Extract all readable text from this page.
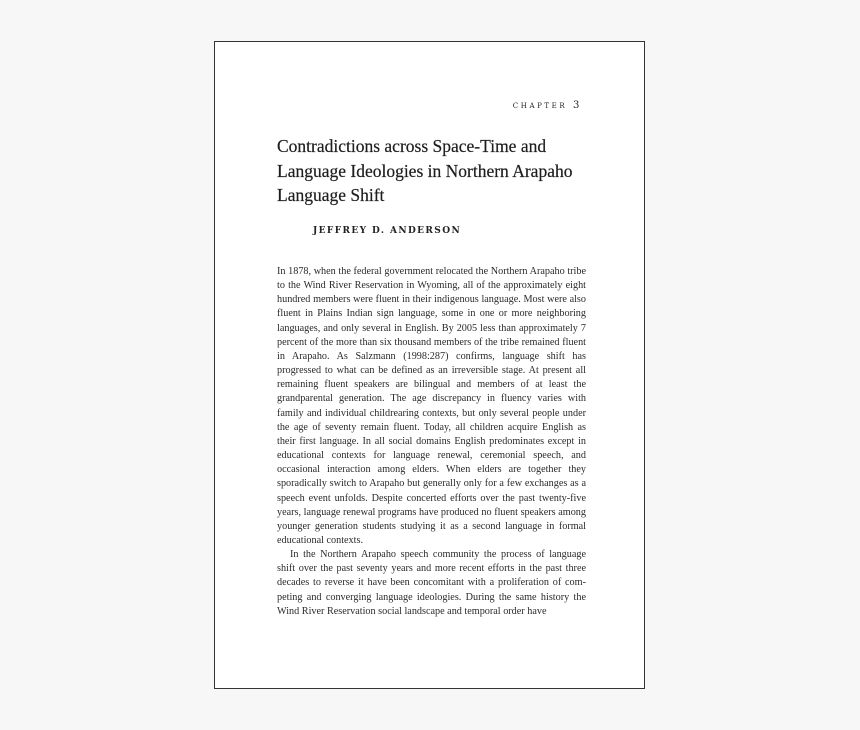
chapter 3
Contradictions across Space-Time and Language Ideologies in Northern Arapaho Language Shift
JEFFREY D. ANDERSON

In 1878, when the federal government relocated the Northern Arapaho tribe to the Wind River Reservation in Wyoming, all of the approximately eight hundred members were fluent in their indigenous language. Most were also fluent in Plains Indian sign language, some in one or more neighboring languages, and only several in English. By 2005 less than approximately 7 percent of the more than six thousand members of the tribe remained fluent in Arapaho. As Salzmann (1998:287) confirms, language shift has progressed to what can be defined as an irreversible stage. At present all remaining fluent speakers are bilingual and members of at least the grandparental generation. The age discrepancy in fluency varies with family and individual childrearing contexts, but only several people under the age of seventy remain fluent. Today, all children acquire English as their first language. In all social domains English predominates except in educational contexts for language renewal, ceremonial speech, and occasional interaction among elders. When elders are together they sporadically switch to Arapaho but generally only for a few exchanges as a speech event unfolds. Despite concerted efforts over the past twenty-five years, language renewal programs have produced no fluent speakers among younger generation students studying it as a second language in formal educational contexts.

In the Northern Arapaho speech community the process of language shift over the past seventy years and more recent efforts in the past three decades to reverse it have been concomitant with a proliferation of competing and converging language ideologies. During the same history the Wind River Reservation social landscape and temporal order have
